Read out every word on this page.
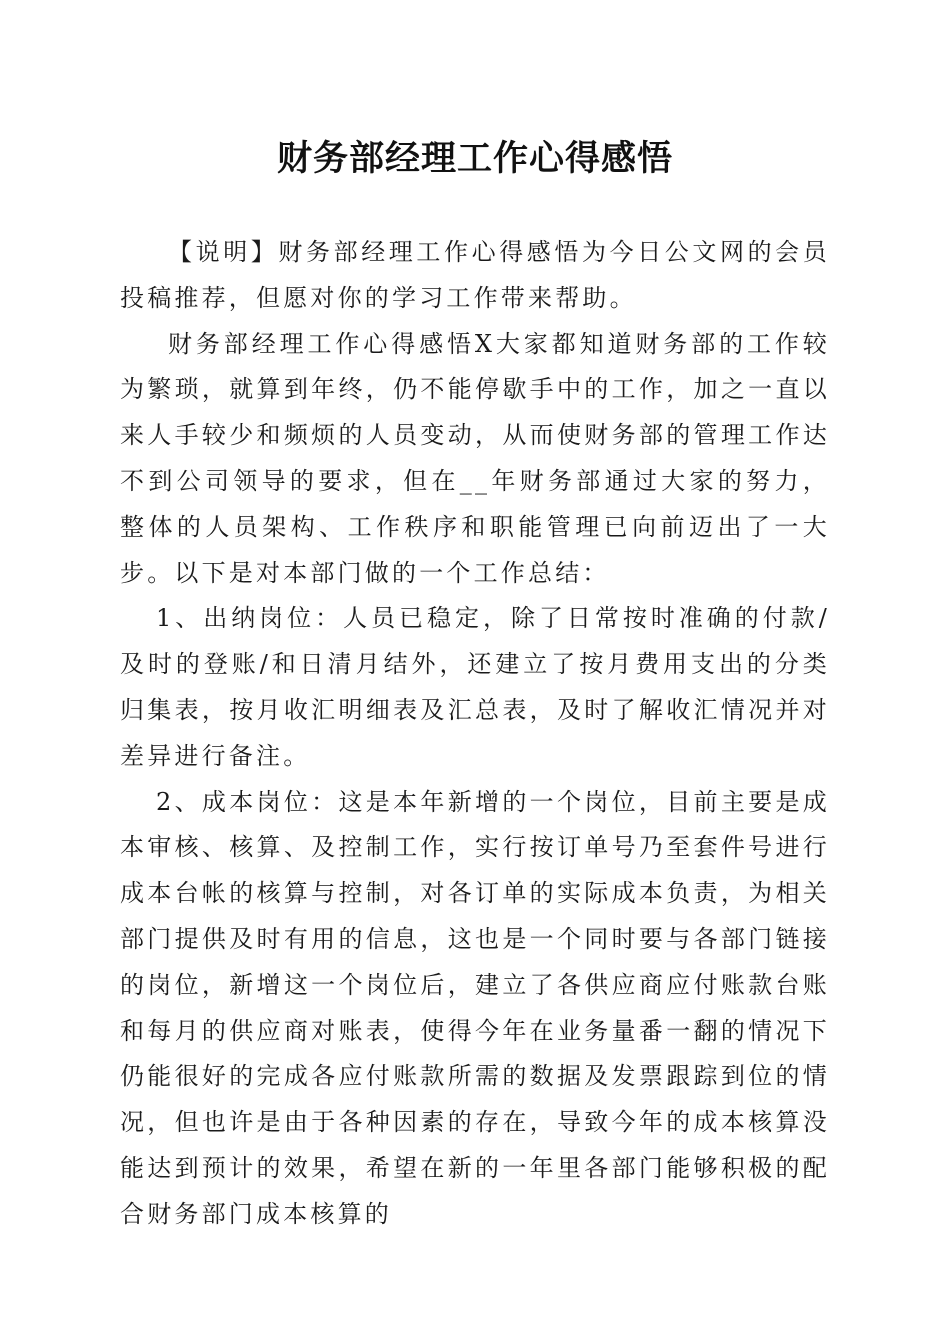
财务部经理工作心得感悟

【说明】财务部经理工作心得感悟为今日公文网的会员投稿推荐，但愿对你的学习工作带来帮助。

财务部经理工作心得感悟X大家都知道财务部的工作较为繁琐，就算到年终，仍不能停歇手中的工作，加之一直以来人手较少和频烦的人员变动，从而使财务部的管理工作达不到公司领导的要求，但在__年财务部通过大家的努力，整体的人员架构、工作秩序和职能管理已向前迈出了一大步。以下是对本部门做的一个工作总结：

1、出纳岗位：人员已稳定，除了日常按时准确的付款/及时的登账/和日清月结外，还建立了按月费用支出的分类归集表，按月收汇明细表及汇总表，及时了解收汇情况并对差异进行备注。

2、成本岗位：这是本年新增的一个岗位，目前主要是成本审核、核算、及控制工作，实行按订单号乃至套件号进行成本台帐的核算与控制，对各订单的实际成本负责，为相关部门提供及时有用的信息，这也是一个同时要与各部门链接的岗位，新增这一个岗位后，建立了各供应商应付账款台账和每月的供应商对账表，使得今年在业务量番一翻的情况下仍能很好的完成各应付账款所需的数据及发票跟踪到位的情况，但也许是由于各种因素的存在，导致今年的成本核算没能达到预计的效果，希望在新的一年里各部门能够积极的配合财务部门成本核算的
